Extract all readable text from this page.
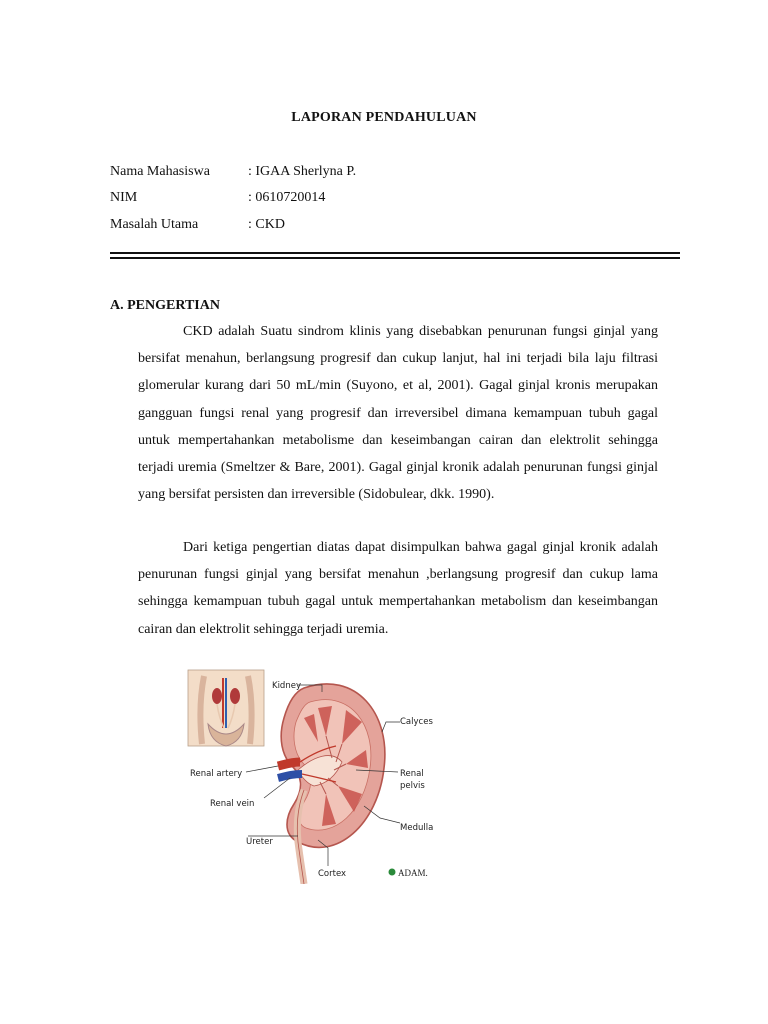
LAPORAN PENDAHULUAN
Nama Mahasiswa	: IGAA Sherlyna P.
NIM	: 0610720014
Masalah Utama	: CKD
A. PENGERTIAN

CKD adalah Suatu sindrom klinis yang disebabkan penurunan fungsi ginjal yang bersifat menahun, berlangsung progresif dan cukup lanjut, hal ini terjadi bila laju filtrasi glomerular kurang dari 50 mL/min (Suyono, et al, 2001). Gagal ginjal kronis merupakan gangguan fungsi renal yang progresif dan irreversibel dimana kemampuan tubuh gagal untuk mempertahankan metabolisme dan keseimbangan cairan dan elektrolit sehingga terjadi uremia (Smeltzer & Bare, 2001). Gagal ginjal kronik adalah penurunan fungsi ginjal yang bersifat persisten dan irreversible (Sidobulear, dkk. 1990).

Dari ketiga pengertian diatas dapat disimpulkan bahwa gagal ginjal kronik adalah penurunan fungsi ginjal yang bersifat menahun ,berlangsung progresif dan cukup lama sehingga kemampuan tubuh gagal untuk mempertahankan metabolism dan keseimbangan cairan dan elektrolit sehingga terjadi uremia.

Kidney
Calyces
Renal artery
Renal vein
Renal
pelvis
Ureter
Medulla
Cortex	ADAM.
